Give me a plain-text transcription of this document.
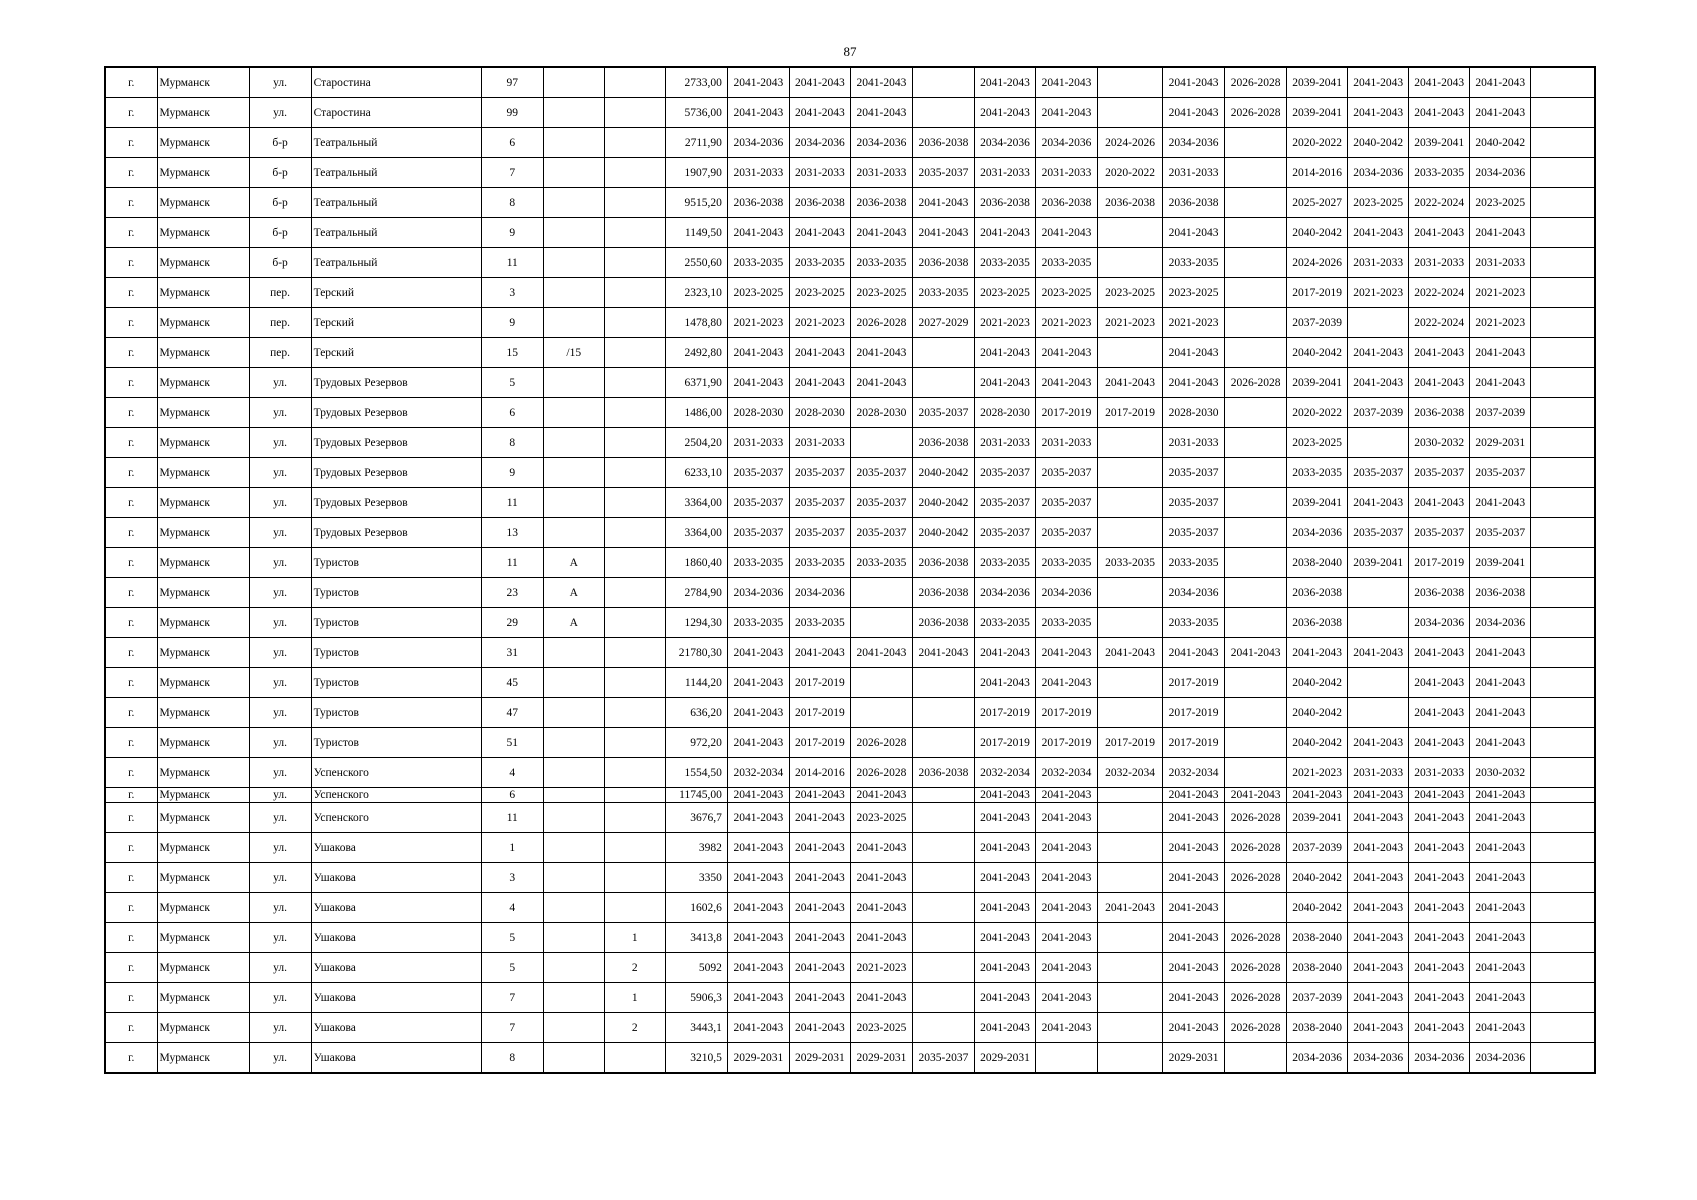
87
г.	Мурманск	ул.	Старостина	97			2733,00	2041-2043	2041-2043	2041-2043		2041-2043	2041-2043		2041-2043	2026-2028	2039-2041	2041-2043	2041-2043	2041-2043	
г.	Мурманск	ул.	Старостина	99			5736,00	2041-2043	2041-2043	2041-2043		2041-2043	2041-2043		2041-2043	2026-2028	2039-2041	2041-2043	2041-2043	2041-2043	
г.	Мурманск	б-р	Театральный	6			2711,90	2034-2036	2034-2036	2034-2036	2036-2038	2034-2036	2034-2036	2024-2026	2034-2036		2020-2022	2040-2042	2039-2041	2040-2042	
г.	Мурманск	б-р	Театральный	7			1907,90	2031-2033	2031-2033	2031-2033	2035-2037	2031-2033	2031-2033	2020-2022	2031-2033		2014-2016	2034-2036	2033-2035	2034-2036	
г.	Мурманск	б-р	Театральный	8			9515,20	2036-2038	2036-2038	2036-2038	2041-2043	2036-2038	2036-2038	2036-2038	2036-2038		2025-2027	2023-2025	2022-2024	2023-2025	
г.	Мурманск	б-р	Театральный	9			1149,50	2041-2043	2041-2043	2041-2043	2041-2043	2041-2043	2041-2043		2041-2043		2040-2042	2041-2043	2041-2043	2041-2043	
г.	Мурманск	б-р	Театральный	11			2550,60	2033-2035	2033-2035	2033-2035	2036-2038	2033-2035	2033-2035		2033-2035		2024-2026	2031-2033	2031-2033	2031-2033	
г.	Мурманск	пер.	Терский	3			2323,10	2023-2025	2023-2025	2023-2025	2033-2035	2023-2025	2023-2025	2023-2025	2023-2025		2017-2019	2021-2023	2022-2024	2021-2023	
г.	Мурманск	пер.	Терский	9			1478,80	2021-2023	2021-2023	2026-2028	2027-2029	2021-2023	2021-2023	2021-2023	2021-2023		2037-2039		2022-2024	2021-2023	
г.	Мурманск	пер.	Терский	15	/15		2492,80	2041-2043	2041-2043	2041-2043		2041-2043	2041-2043		2041-2043		2040-2042	2041-2043	2041-2043	2041-2043	
г.	Мурманск	ул.	Трудовых Резервов	5			6371,90	2041-2043	2041-2043	2041-2043		2041-2043	2041-2043	2041-2043	2041-2043	2026-2028	2039-2041	2041-2043	2041-2043	2041-2043	
г.	Мурманск	ул.	Трудовых Резервов	6			1486,00	2028-2030	2028-2030	2028-2030	2035-2037	2028-2030	2017-2019	2017-2019	2028-2030		2020-2022	2037-2039	2036-2038	2037-2039	
г.	Мурманск	ул.	Трудовых Резервов	8			2504,20	2031-2033	2031-2033		2036-2038	2031-2033	2031-2033		2031-2033		2023-2025		2030-2032	2029-2031	
г.	Мурманск	ул.	Трудовых Резервов	9			6233,10	2035-2037	2035-2037	2035-2037	2040-2042	2035-2037	2035-2037		2035-2037		2033-2035	2035-2037	2035-2037	2035-2037	
г.	Мурманск	ул.	Трудовых Резервов	11			3364,00	2035-2037	2035-2037	2035-2037	2040-2042	2035-2037	2035-2037		2035-2037		2039-2041	2041-2043	2041-2043	2041-2043	
г.	Мурманск	ул.	Трудовых Резервов	13			3364,00	2035-2037	2035-2037	2035-2037	2040-2042	2035-2037	2035-2037		2035-2037		2034-2036	2035-2037	2035-2037	2035-2037	
г.	Мурманск	ул.	Туристов	11	А		1860,40	2033-2035	2033-2035	2033-2035	2036-2038	2033-2035	2033-2035	2033-2035	2033-2035		2038-2040	2039-2041	2017-2019	2039-2041	
г.	Мурманск	ул.	Туристов	23	А		2784,90	2034-2036	2034-2036		2036-2038	2034-2036	2034-2036		2034-2036		2036-2038		2036-2038	2036-2038	
г.	Мурманск	ул.	Туристов	29	А		1294,30	2033-2035	2033-2035		2036-2038	2033-2035	2033-2035		2033-2035		2036-2038		2034-2036	2034-2036	
г.	Мурманск	ул.	Туристов	31			21780,30	2041-2043	2041-2043	2041-2043	2041-2043	2041-2043	2041-2043	2041-2043	2041-2043	2041-2043	2041-2043	2041-2043	2041-2043	2041-2043	
г.	Мурманск	ул.	Туристов	45			1144,20	2041-2043	2017-2019			2041-2043	2041-2043		2017-2019		2040-2042		2041-2043	2041-2043	
г.	Мурманск	ул.	Туристов	47			636,20	2041-2043	2017-2019			2017-2019	2017-2019		2017-2019		2040-2042		2041-2043	2041-2043	
г.	Мурманск	ул.	Туристов	51			972,20	2041-2043	2017-2019	2026-2028		2017-2019	2017-2019	2017-2019	2017-2019		2040-2042	2041-2043	2041-2043	2041-2043	
г.	Мурманск	ул.	Успенского	4			1554,50	2032-2034	2014-2016	2026-2028	2036-2038	2032-2034	2032-2034	2032-2034	2032-2034		2021-2023	2031-2033	2031-2033	2030-2032	
г.	Мурманск	ул.	Успенского	6			11745,00	2041-2043	2041-2043	2041-2043		2041-2043	2041-2043		2041-2043	2041-2043	2041-2043	2041-2043	2041-2043	2041-2043	
г.	Мурманск	ул.	Успенского	11			3676,7	2041-2043	2041-2043	2023-2025		2041-2043	2041-2043		2041-2043	2026-2028	2039-2041	2041-2043	2041-2043	2041-2043	
г.	Мурманск	ул.	Ушакова	1			3982	2041-2043	2041-2043	2041-2043		2041-2043	2041-2043		2041-2043	2026-2028	2037-2039	2041-2043	2041-2043	2041-2043	
г.	Мурманск	ул.	Ушакова	3			3350	2041-2043	2041-2043	2041-2043		2041-2043	2041-2043		2041-2043	2026-2028	2040-2042	2041-2043	2041-2043	2041-2043	
г.	Мурманск	ул.	Ушакова	4			1602,6	2041-2043	2041-2043	2041-2043		2041-2043	2041-2043	2041-2043	2041-2043		2040-2042	2041-2043	2041-2043	2041-2043	
г.	Мурманск	ул.	Ушакова	5		1	3413,8	2041-2043	2041-2043	2041-2043		2041-2043	2041-2043		2041-2043	2026-2028	2038-2040	2041-2043	2041-2043	2041-2043	
г.	Мурманск	ул.	Ушакова	5		2	5092	2041-2043	2041-2043	2021-2023		2041-2043	2041-2043		2041-2043	2026-2028	2038-2040	2041-2043	2041-2043	2041-2043	
г.	Мурманск	ул.	Ушакова	7		1	5906,3	2041-2043	2041-2043	2041-2043		2041-2043	2041-2043		2041-2043	2026-2028	2037-2039	2041-2043	2041-2043	2041-2043	
г.	Мурманск	ул.	Ушакова	7		2	3443,1	2041-2043	2041-2043	2023-2025		2041-2043	2041-2043		2041-2043	2026-2028	2038-2040	2041-2043	2041-2043	2041-2043	
г.	Мурманск	ул.	Ушакова	8			3210,5	2029-2031	2029-2031	2029-2031	2035-2037	2029-2031			2029-2031		2034-2036	2034-2036	2034-2036	2034-2036	
